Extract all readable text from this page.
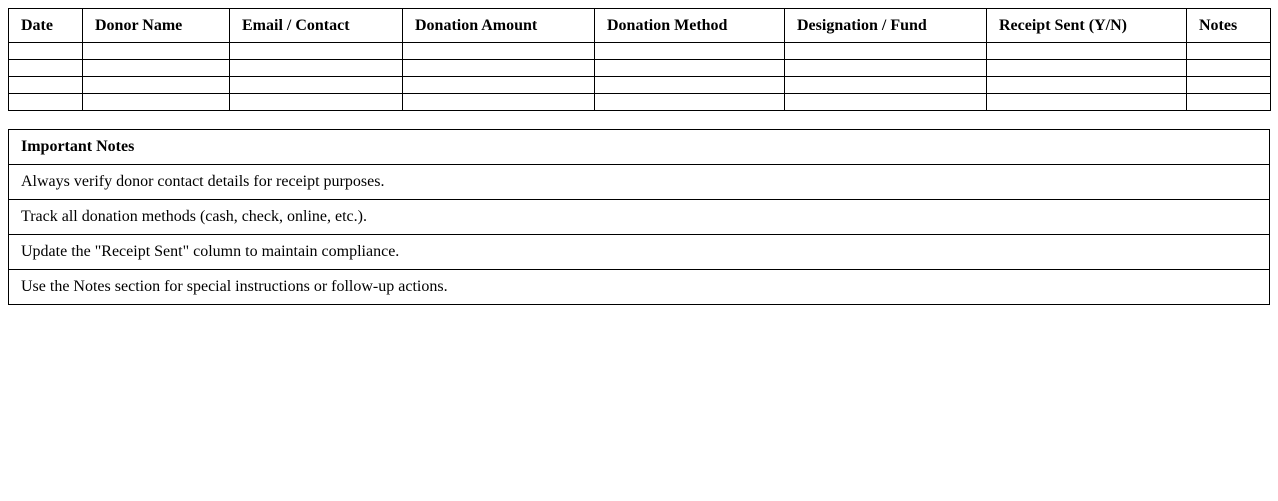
Date	Donor Name	Email / Contact	Donation Amount	Donation Method	Designation / Fund	Receipt Sent (Y/N)	Notes

Important Notes
Always verify donor contact details for receipt purposes.
Track all donation methods (cash, check, online, etc.).
Update the "Receipt Sent" column to maintain compliance.
Use the Notes section for special instructions or follow-up actions.
